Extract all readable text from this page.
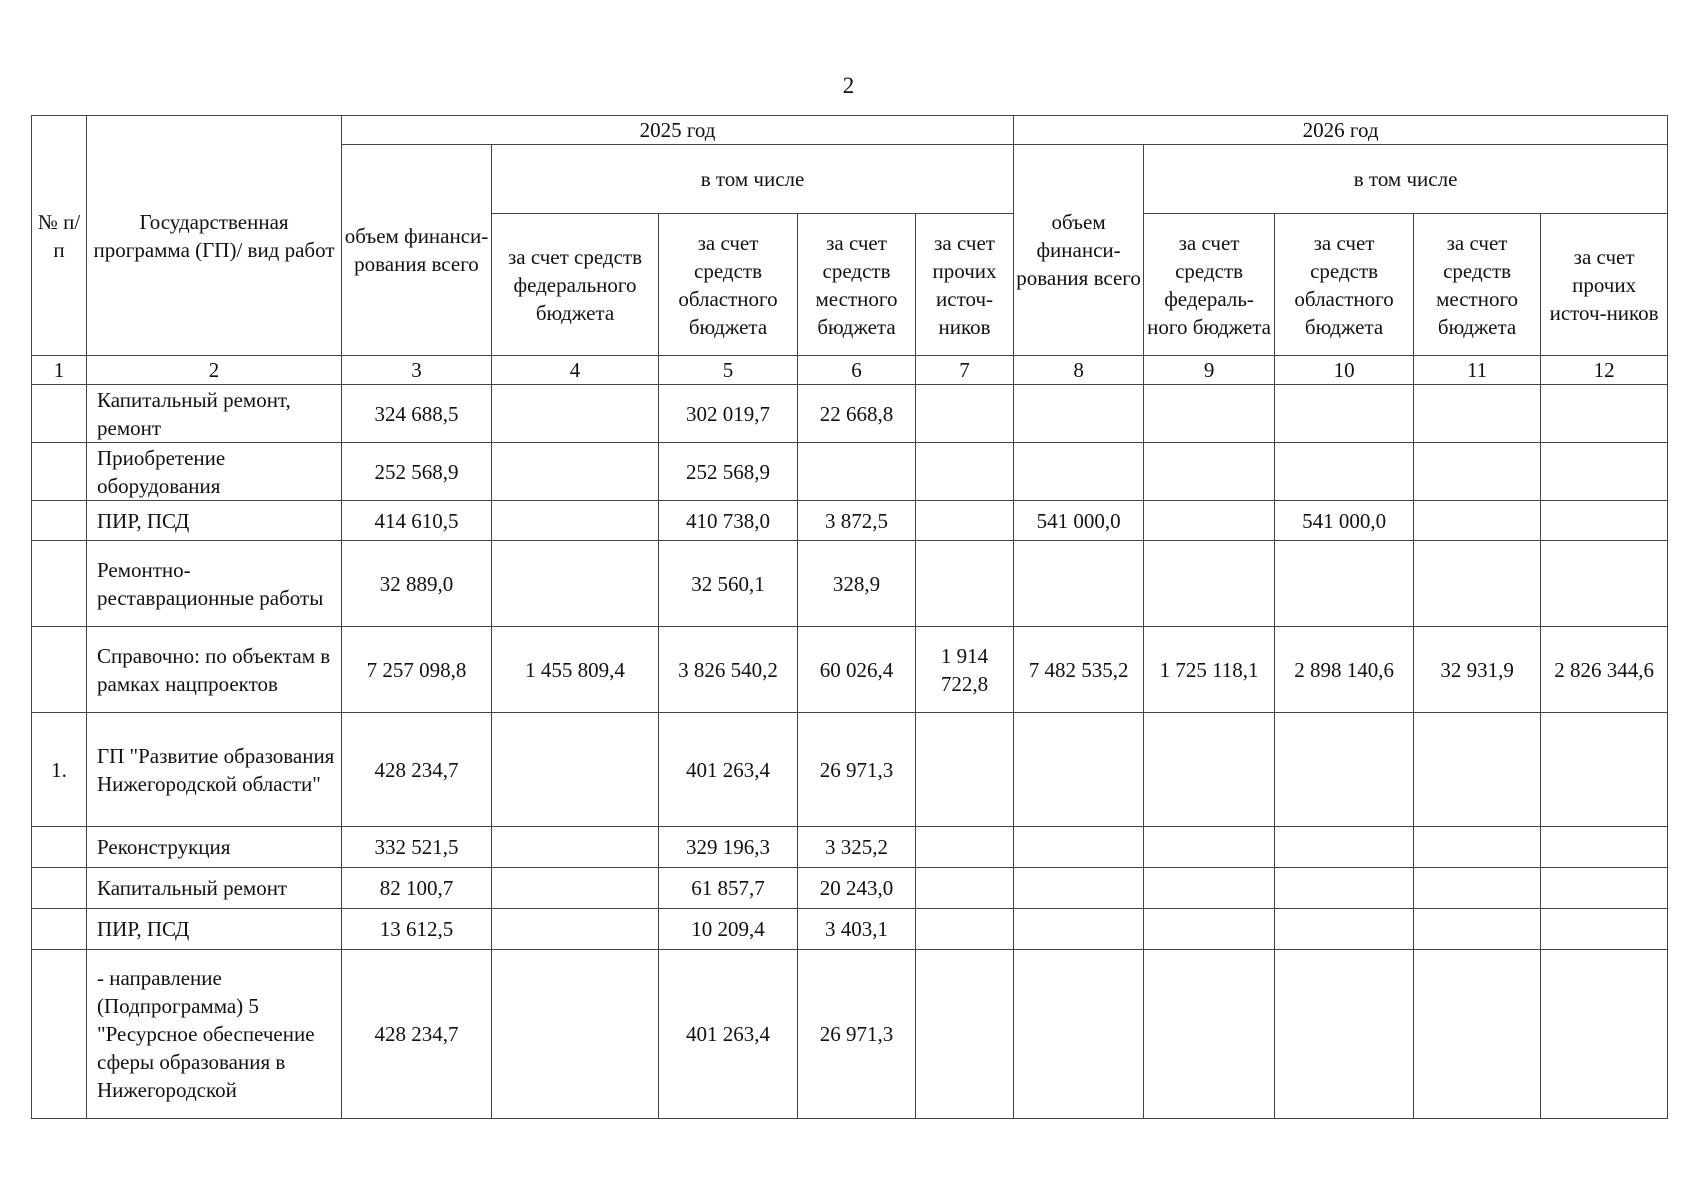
2
№ п/п	Государственная программа (ГП)/ вид работ	2025 год					2026 год				
		объем финанси-рования всего	в том числе				объем финанси-рования всего	в том числе			
			за счет средств федерального бюджета	за счет средств областного бюджета	за счет средств местного бюджета	за счет прочих источ-ников		за счет средств федераль-ного бюджета	за счет средств областного бюджета	за счет средств местного бюджета	за счет прочих источ-ников
1	2	3	4	5	6	7	8	9	10	11	12
	Капитальный ремонт, ремонт	324 688,5		302 019,7	22 668,8						
	Приобретение оборудования	252 568,9		252 568,9							
	ПИР, ПСД	414 610,5		410 738,0	3 872,5		541 000,0		541 000,0		
	Ремонтно-реставрационные работы	32 889,0		32 560,1	328,9						
	Справочно: по объектам в рамках нацпроектов	7 257 098,8	1 455 809,4	3 826 540,2	60 026,4	1 914 722,8	7 482 535,2	1 725 118,1	2 898 140,6	32 931,9	2 826 344,6
1.	ГП "Развитие образования Нижегородской области"	428 234,7		401 263,4	26 971,3						
	Реконструкция	332 521,5		329 196,3	3 325,2						
	Капитальный ремонт	82 100,7		61 857,7	20 243,0						
	ПИР, ПСД	13 612,5		10 209,4	3 403,1						
	- направление (Подпрограмма) 5 "Ресурсное обеспечение сферы образования в Нижегородской	428 234,7		401 263,4	26 971,3						
